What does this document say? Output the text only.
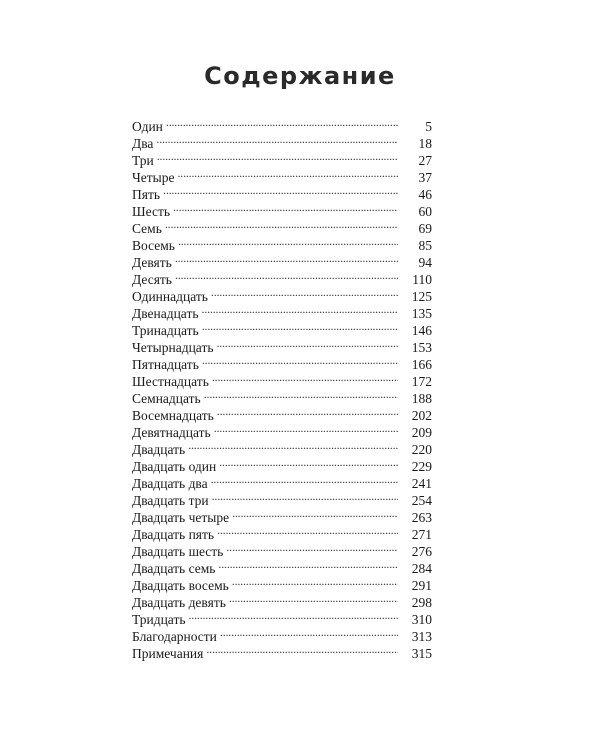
Содержание
Один . . .	5
Два . . .	18
Три . . .	27
Четыре . . .	37
Пять . . .	46
Шесть . . .	60
Семь . . .	69
Восемь . . .	85
Девять . . .	94
Десять . . .	110
Одиннадцать . . .	125
Двенадцать . . .	135
Тринадцать . . .	146
Четырнадцать . . .	153
Пятнадцать . . .	166
Шестнадцать . . .	172
Семнадцать . . .	188
Восемнадцать . . .	202
Девятнадцать . . .	209
Двадцать . . .	220
Двадцать один . . .	229
Двадцать два . . .	241
Двадцать три . . .	254
Двадцать четыре . . .	263
Двадцать пять . . .	271
Двадцать шесть . . .	276
Двадцать семь . . .	284
Двадцать восемь . . .	291
Двадцать девять . . .	298
Тридцать . . .	310
Благодарности . . .	313
Примечания . . .	315
